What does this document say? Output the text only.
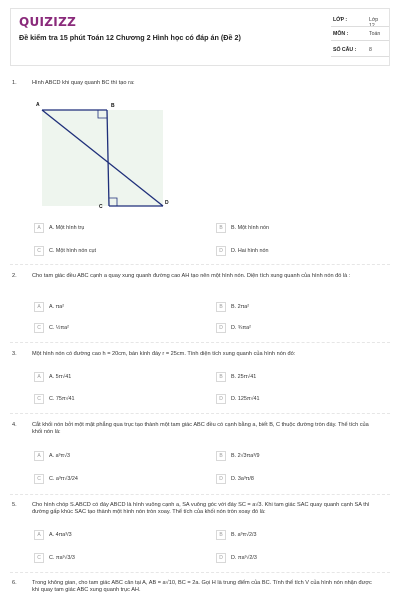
QUIZIZZ
Đề kiểm tra 15 phút Toán 12 Chương 2 Hình học có đáp án (Đề 2)
LỚP :	Lớp 12
MÔN :	Toán
SỐ CÂU : 8
1.	Hình ABCD khi quay quanh BC thì tạo ra:
A	B
C
D
A	A. Một hình trụ	B	B. Một hình nón
C	C. Một hình nón cụt	D	D. Hai hình nón
2.	Cho tam giác đều ABC cạnh a quay xung quanh đường cao AH tạo nên một hình nón. Diện tích xung quanh của hình nón đó là :
A	A. πa²	B	B. 2πa²
C	C. ½πa²	D	D. ¾πa²
3.	Một hình nón có đường cao h = 20cm, bán kính đáy r = 25cm. Tính diện tích xung quanh của hình nón đó:
A	A. 5π√41	B	B. 25π√41
C	C. 75π√41	D	D. 125π√41
4.	Cắt khối nón bởi một mặt phẳng qua trục tạo thành một tam giác ABC đều có cạnh bằng a, biết B, C thuộc đường tròn đáy. Thể tích của khối nón là:
A	A. a³π√3	B	B. 2√3πa³/9
C	C. a³π√3/24	D	D. 3a³π/8
5.	Cho hình chóp S.ABCD có đáy ABCD là hình vuông cạnh a, SA vuông góc với đáy SC = a√3. Khi tam giác SAC quay quanh cạnh SA thì đường gấp khúc SAC tạo thành một hình nón tròn xoay. Thể tích của khối nón tròn xoay đó là:
A	A. 4πa³/3	B	B. a³π√2/3
C	C. πa³√3/3	D	D. πa³√2/3
6.	Trong không gian, cho tam giác ABC cân tại A, AB = a√10, BC = 2a. Gọi H là trung điểm của BC. Tính thể tích V của hình nón nhận được khi quay tam giác ABC xung quanh trục AH.
